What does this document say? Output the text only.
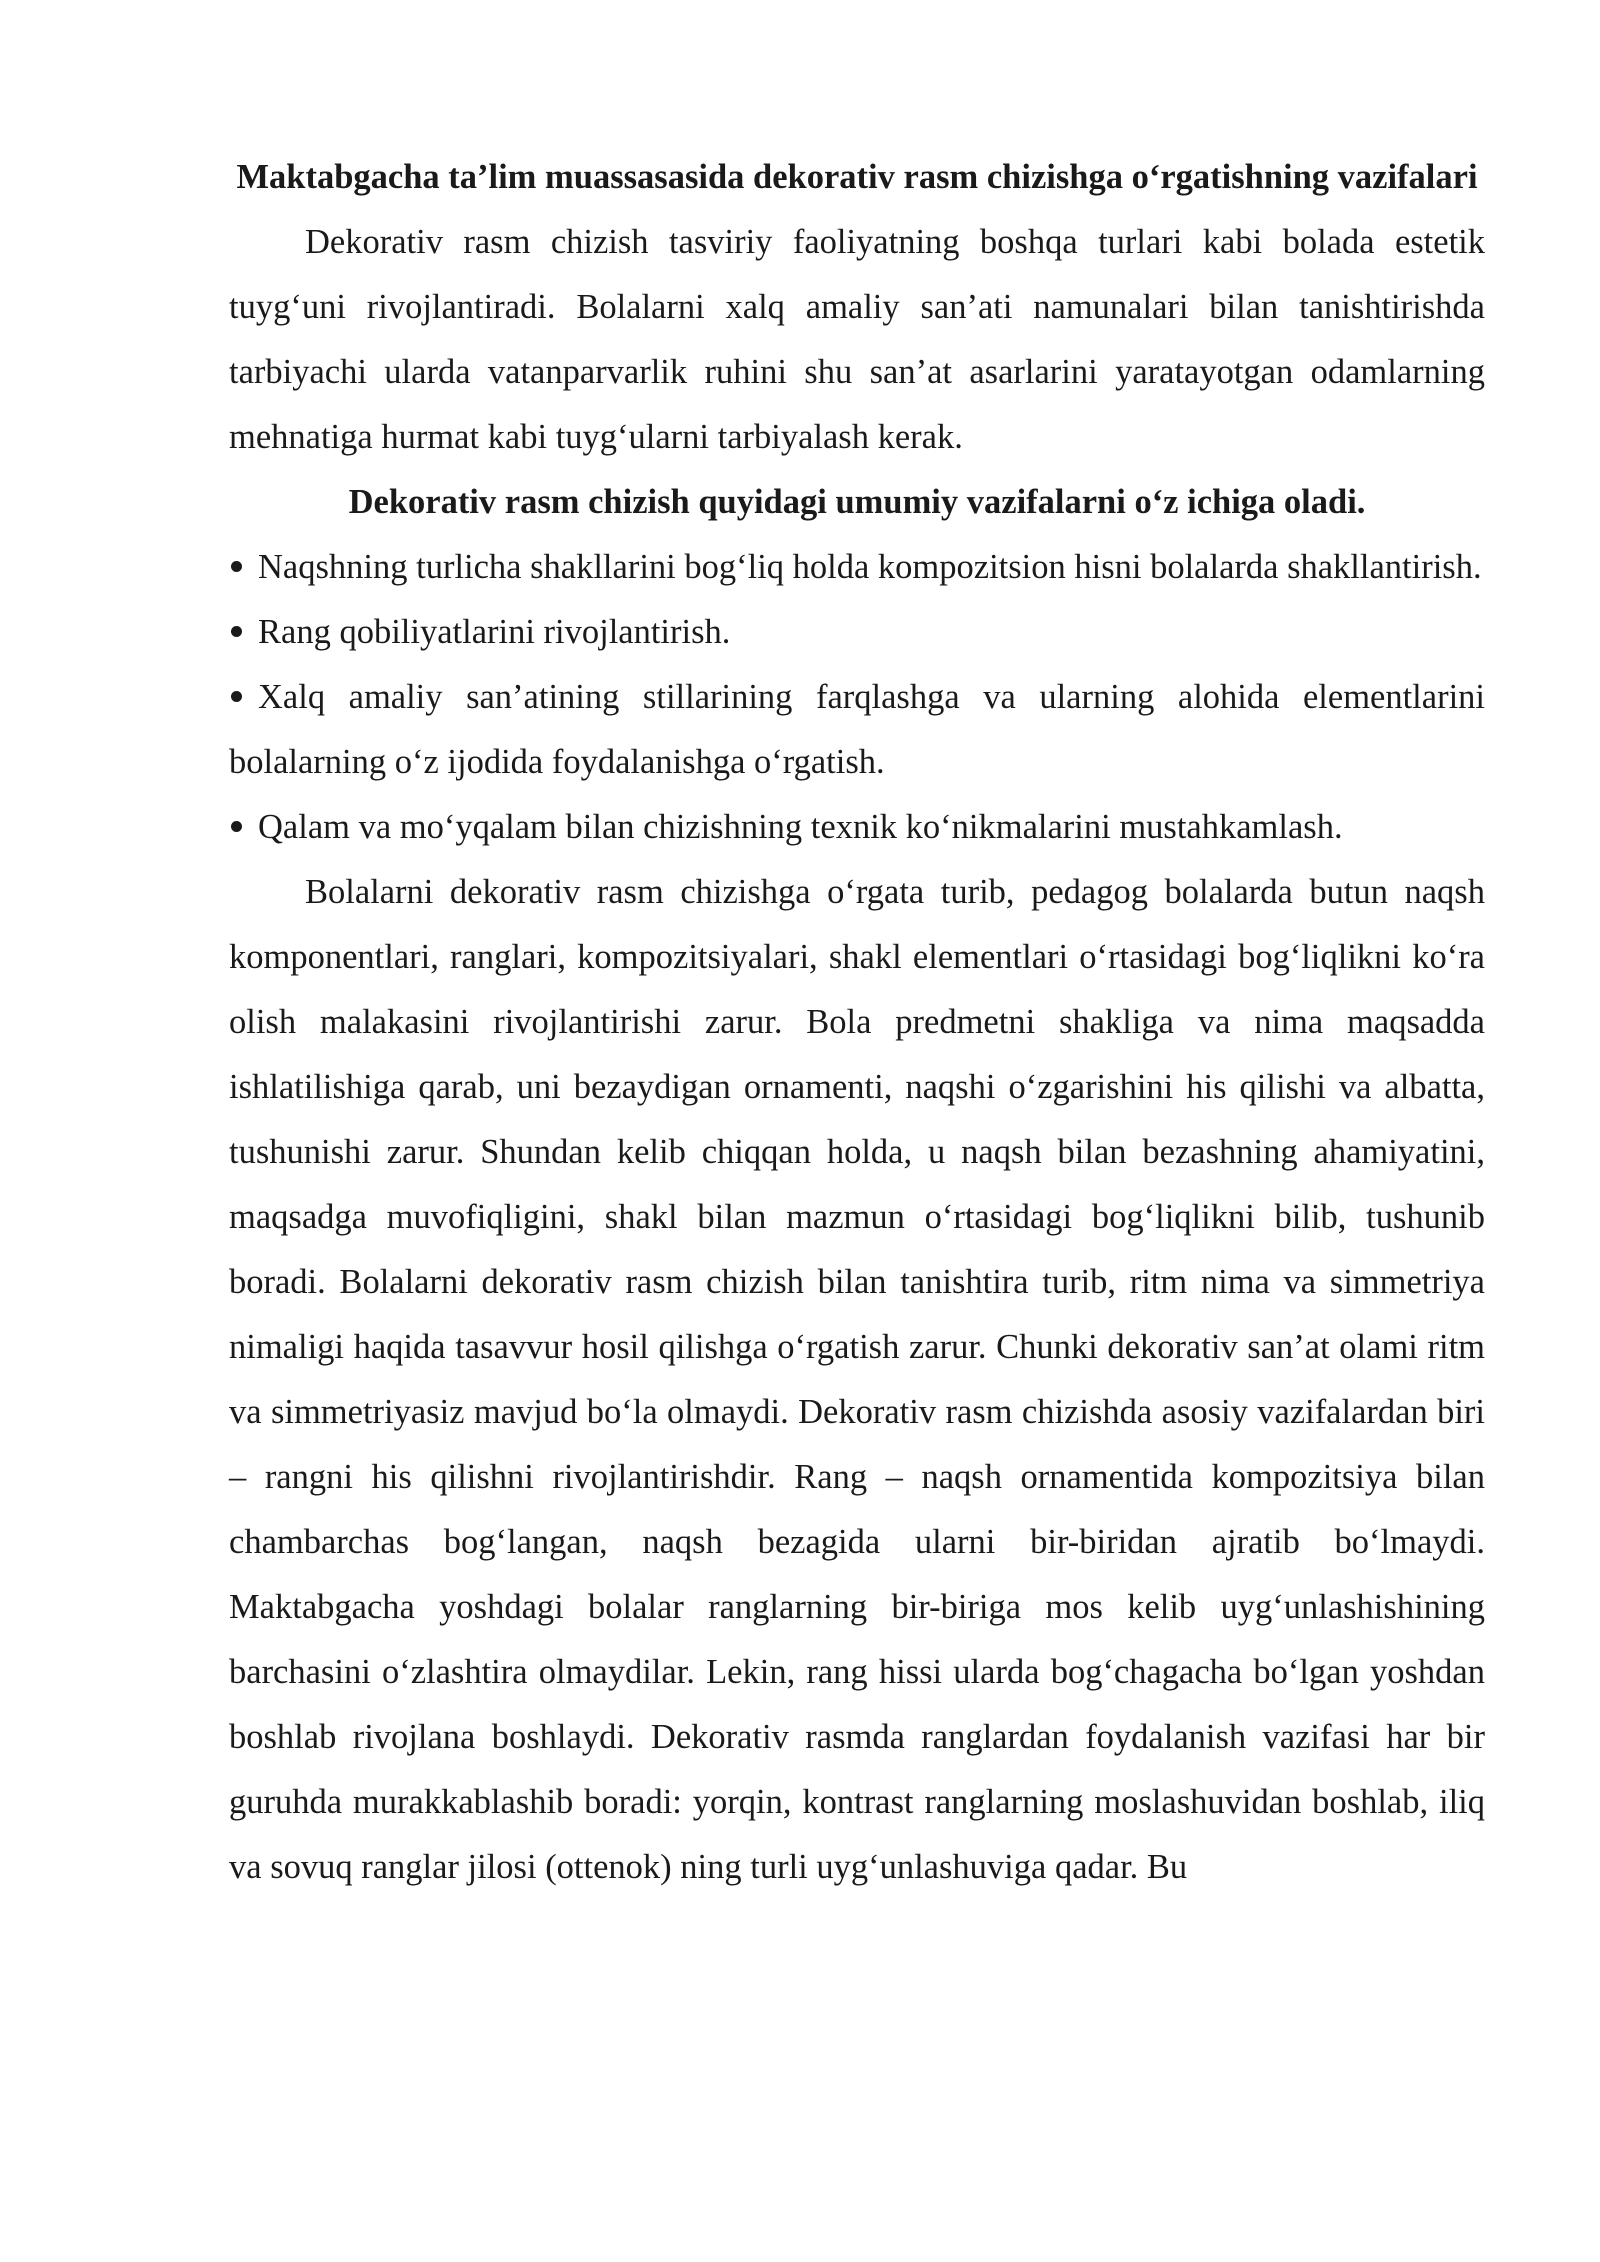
Maktabgacha ta’lim muassasasida dekorativ rasm chizishga o‘rgatishning vazifalari

Dekorativ rasm chizish tasviriy faoliyatning boshqa turlari kabi bolada estetik tuyg‘uni rivojlantiradi. Bolalarni xalq amaliy san’ati namunalari bilan tanishtirishda tarbiyachi ularda vatanparvarlik ruhini shu san’at asarlarini yaratayotgan odamlarning mehnatiga hurmat kabi tuyg‘ularni tarbiyalash kerak.

Dekorativ rasm chizish quyidagi umumiy vazifalarni o‘z ichiga oladi.

Naqshning turlicha shakllarini bog‘liq holda kompozitsion hisni bolalarda shakllantirish.
Rang qobiliyatlarini rivojlantirish.
Xalq amaliy san’atining stillarining farqlashga va ularning alohida elementlarini bolalarning o‘z ijodida foydalanishga o‘rgatish.
Qalam va mo‘yqalam bilan chizishning texnik ko‘nikmalarini mustahkamlash.

Bolalarni dekorativ rasm chizishga o‘rgata turib, pedagog bolalarda butun naqsh komponentlari, ranglari, kompozitsiyalari, shakl elementlari o‘rtasidagi bog‘liqlikni ko‘ra olish malakasini rivojlantirishi zarur. Bola predmetni shakliga va nima maqsadda ishlatilishiga qarab, uni bezaydigan ornamenti, naqshi o‘zgarishini his qilishi va albatta, tushunishi zarur. Shundan kelib chiqqan holda, u naqsh bilan bezashning ahamiyatini, maqsadga muvofiqligini, shakl bilan mazmun o‘rtasidagi bog‘liqlikni bilib, tushunib boradi. Bolalarni dekorativ rasm chizish bilan tanishtira turib, ritm nima va simmetriya nimaligi haqida tasavvur hosil qilishga o‘rgatish zarur. Chunki dekorativ san’at olami ritm va simmetriyasiz mavjud bo‘la olmaydi. Dekorativ rasm chizishda asosiy vazifalardan biri – rangni his qilishni rivojlantirishdir. Rang – naqsh ornamentida kompozitsiya bilan chambarchas bog‘langan, naqsh bezagida ularni bir-biridan ajratib bo‘lmaydi. Maktabgacha yoshdagi bolalar ranglarning bir-biriga mos kelib uyg‘unlashishining barchasini o‘zlashtira olmaydilar. Lekin, rang hissi ularda bog‘chagacha bo‘lgan yoshdan boshlab rivojlana boshlaydi. Dekorativ rasmda ranglardan foydalanish vazifasi har bir guruhda murakkablashib boradi: yorqin, kontrast ranglarning moslashuvidan boshlab, iliq va sovuq ranglar jilosi (ottenok) ning turli uyg‘unlashuviga qadar. Bu
